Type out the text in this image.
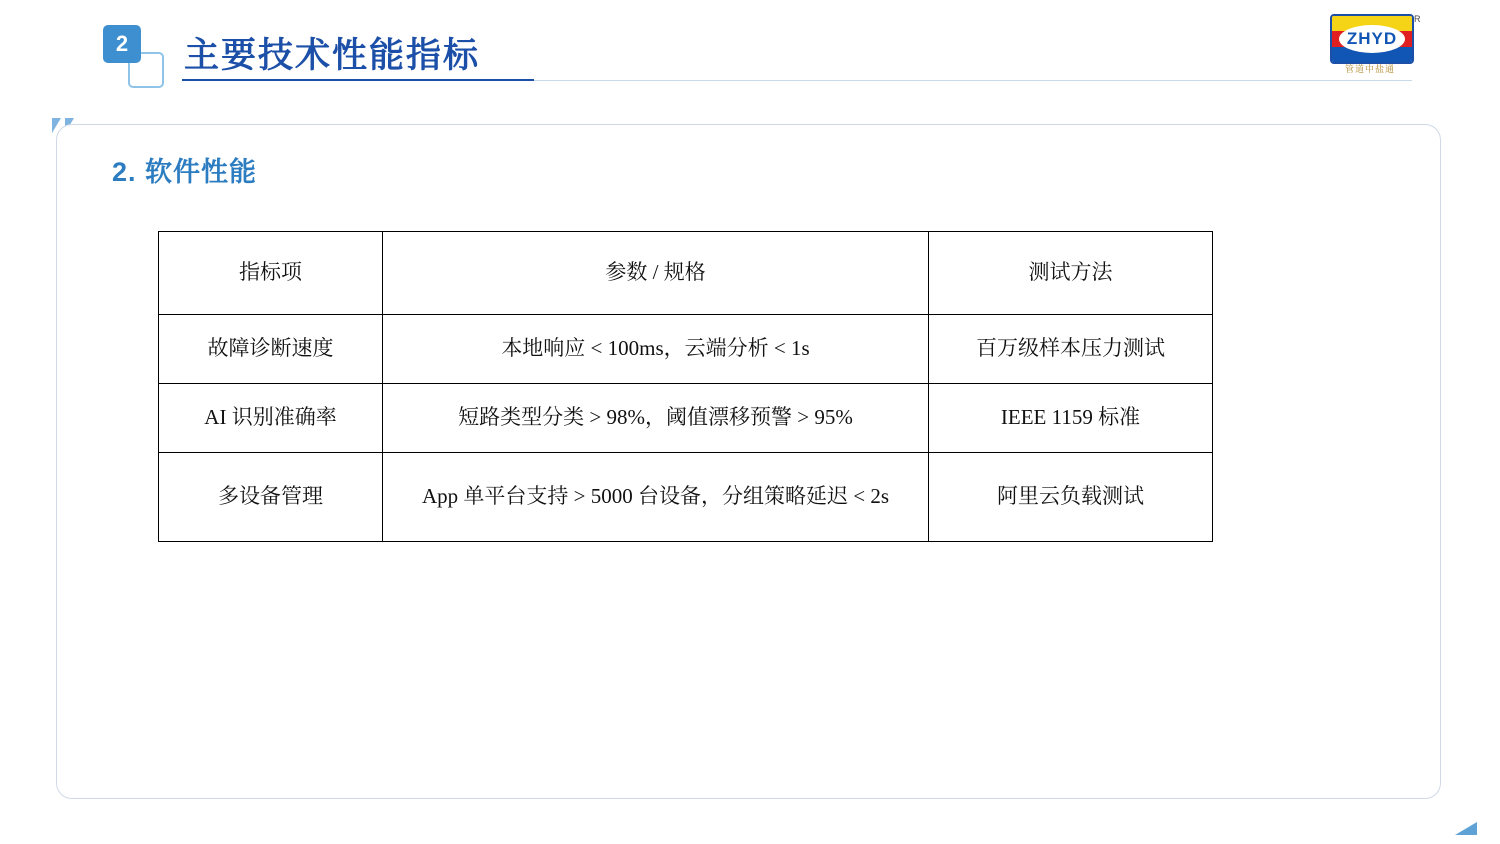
2	主要技术性能指标	ZHYD
R
管道中盐通
2. 软件性能
指标项	参数 / 规格	测试方法
故障诊断速度	本地响应 < 100ms，云端分析 < 1s	百万级样本压力测试
AI 识别准确率	短路类型分类 > 98%，阈值漂移预警 > 95%	IEEE 1159 标准
多设备管理	App 单平台支持 > 5000 台设备，分组策略延迟 < 2s	阿里云负载测试
